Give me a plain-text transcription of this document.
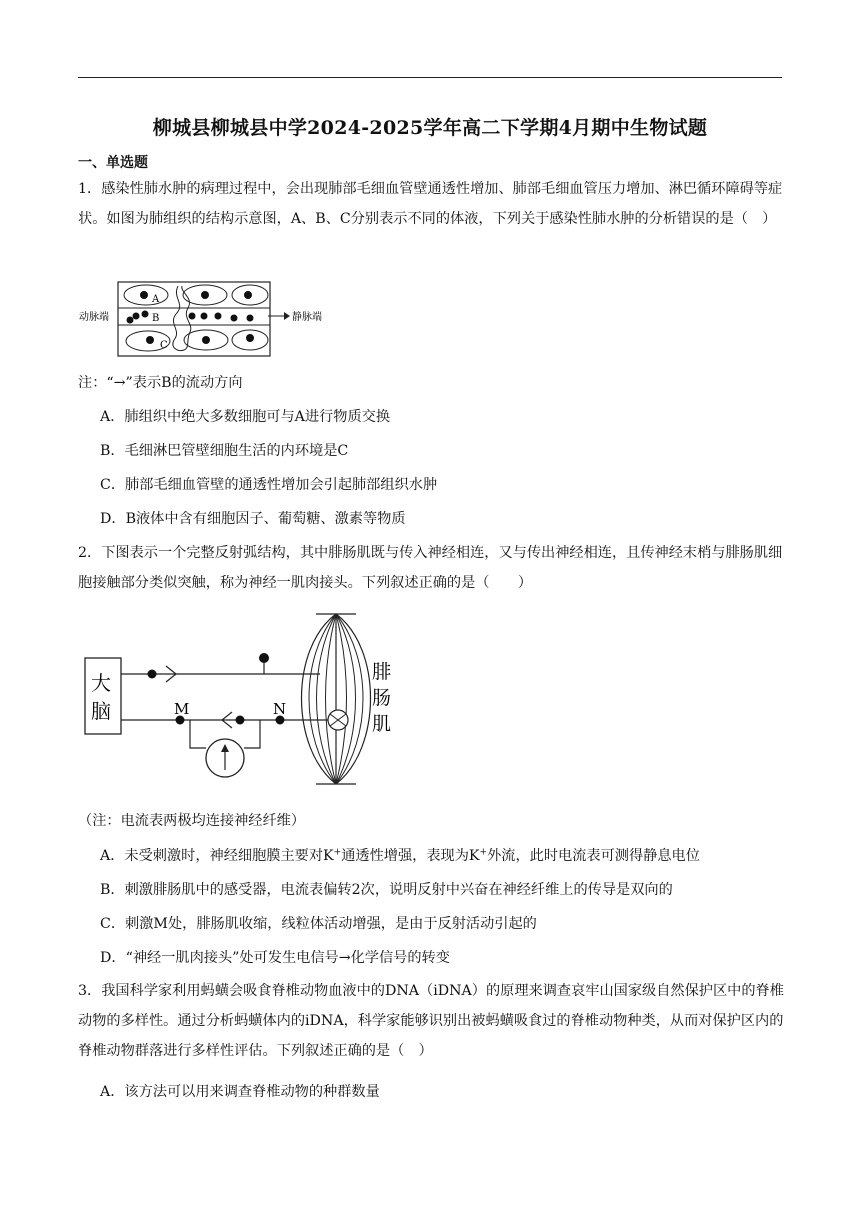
柳城县柳城县中学2024-2025学年高二下学期4月期中生物试题
一、单选题
1．感染性肺水肿的病理过程中，会出现肺部毛细血管壁通透性增加、肺部毛细血管压力增加、淋巴循环障碍等症状。如图为肺组织的结构示意图，A、B、C分别表示不同的体液，下列关于感染性肺水肿的分析错误的是（　）
动脉端	静脉端
A
B
C
注：“→”表示B的流动方向
A．肺组织中绝大多数细胞可与A进行物质交换
B．毛细淋巴管壁细胞生活的内环境是C
C．肺部毛细血管壁的通透性增加会引起肺部组织水肿
D．B液体中含有细胞因子、葡萄糖、激素等物质
2．下图表示一个完整反射弧结构，其中腓肠肌既与传入神经相连，又与传出神经相连，且传神经末梢与腓肠肌细胞接触部分类似突触，称为神经一肌肉接头。下列叙述正确的是（　　）
大
脑	M	N
腓
肠
肌
（注：电流表两极均连接神经纤维）
A．未受刺激时，神经细胞膜主要对K+通透性增强，表现为K+外流，此时电流表可测得静息电位
B．刺激腓肠肌中的感受器，电流表偏转2次，说明反射中兴奋在神经纤维上的传导是双向的
C．刺激M处，腓肠肌收缩，线粒体活动增强，是由于反射活动引起的
D．“神经一肌肉接头”处可发生电信号→化学信号的转变
3．我国科学家利用蚂蟥会吸食脊椎动物血液中的DNA（iDNA）的原理来调查哀牢山国家级自然保护区中的脊椎动物的多样性。通过分析蚂蟥体内的iDNA，科学家能够识别出被蚂蟥吸食过的脊椎动物种类，从而对保护区内的脊椎动物群落进行多样性评估。下列叙述正确的是（　）
A．该方法可以用来调查脊椎动物的种群数量
